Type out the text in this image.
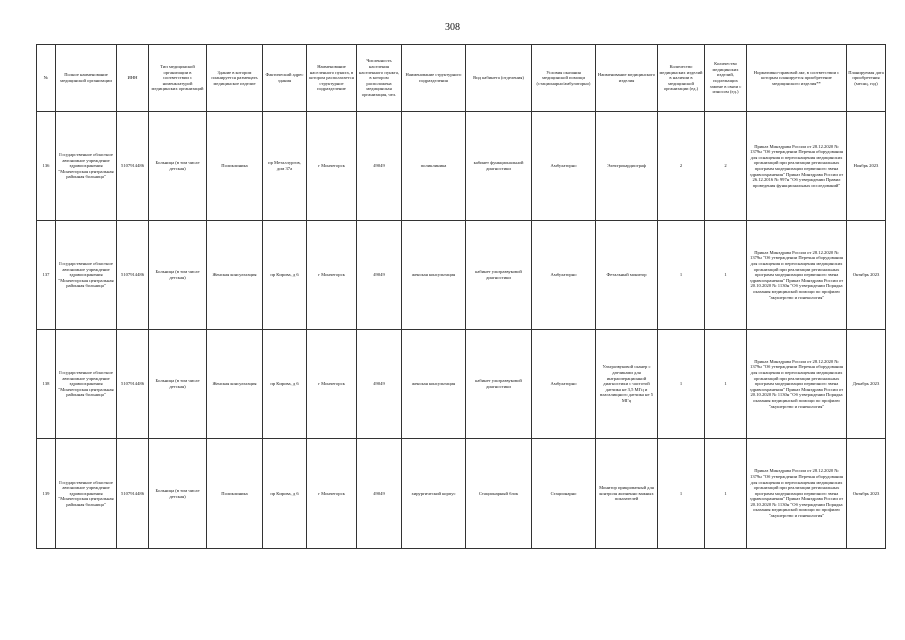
308
№	Полное наименование медицинской организации	ИНН	Тип медицинской организации в соответствии с номенклатурой медицинских организаций	Здание в котором планируется размещать медицинское изделие	Фактический адрес здания	Наименование населенного пункта, в котором располагается структурное подразделение	Численность населения населенного пункта, в котором расположена медицинская организация, чел.	Наименование структурного подразделения	Вид кабинета (отделения)	Условия оказания медицинской помощи (стационарно/амбулаторно)	Наименование медицинского изделия	Количество медицинских изделий в наличии в медицинской организации (ед.)	Количество медицинских изделий, подлежащих замене в связи с износом (ед.)	Нормативно-правовой акт, в соответствии с которым планируется приобретение медицинского изделия**	Планируемая дата приобретения (месяц, год)
136	Государственное областное автономное учреждение здравоохранения "Мончегорская центральная районная больница"	5107914486	Больница (в том числе детская)	Поликлиника	пр Металлургов, дом 37а	г Мончегорск	49049	поликлиника	кабинет функциональной диагностики	Амбулаторно	Электрокардиограф	2	2	Приказ Минздрава России от 28.12.2020 № 1379н "Об утверждении Перечня оборудования для оснащения и переоснащения медицинских организаций при реализации региональных программ модернизации первичного звена здравоохранения" Приказ Минздрава России от 26.12.2016 № 997н "Об утверждении Правил проведения функциональных исследований"	Ноябрь 2023
137	Государственное областное автономное учреждение здравоохранения "Мончегорская центральная районная больница"	5107914486	Больница (в том числе детская)	Женская консультация	пр Кирова, д 6	г Мончегорск	49049	женская консультация	кабинет ультразвуковой диагностики	Амбулаторно	Фетальный монитор	1	1	Приказ Минздрава России от 28.12.2020 № 1379н "Об утверждении Перечня оборудования для оснащения и переоснащения медицинских организаций при реализации региональных программ модернизации первичного звена здравоохранения" Приказ Минздрава России от 20.10.2020 № 1130н "Об утверждении Порядка оказания медицинской помощи по профилю "акушерство и гинекология"	Октябрь 2023
138	Государственное областное автономное учреждение здравоохранения "Мончегорская центральная районная больница"	5107914486	Больница (в том числе детская)	Женская консультация	пр Кирова, д 6	г Мончегорск	49049	женская консультация	кабинет ультразвуковой диагностики	Амбулаторно	Ультразвуковой сканер с датчиками для интраоперационной диагностики с частотой датчика не 3,5 МГц и влагалищного датчика не 5 МГц	1	1	Приказ Минздрава России от 28.12.2020 № 1379н "Об утверждении Перечня оборудования для оснащения и переоснащения медицинских организаций при реализации региональных программ модернизации первичного звена здравоохранения" Приказ Минздрава России от 20.10.2020 № 1130н "Об утверждении Порядка оказания медицинской помощи по профилю "акушерство и гинекология"	Декабрь 2023
139	Государственное областное автономное учреждение здравоохранения "Мончегорская центральная районная больница"	5107914486	Больница (в том числе детская)	Поликлиника	пр Кирова, д 6	г Мончегорск	49049	хирургический корпус	Стационарный блок	Стационарно	Монитор прикроватный для контроля жизненно важных показателей	1	1	Приказ Минздрава России от 28.12.2020 № 1379н "Об утверждении Перечня оборудования для оснащения и переоснащения медицинских организаций при реализации региональных программ модернизации первичного звена здравоохранения" Приказ Минздрава России от 20.10.2020 № 1130н "Об утверждении Порядка оказания медицинской помощи по профилю "акушерство и гинекология"	Октябрь 2023
